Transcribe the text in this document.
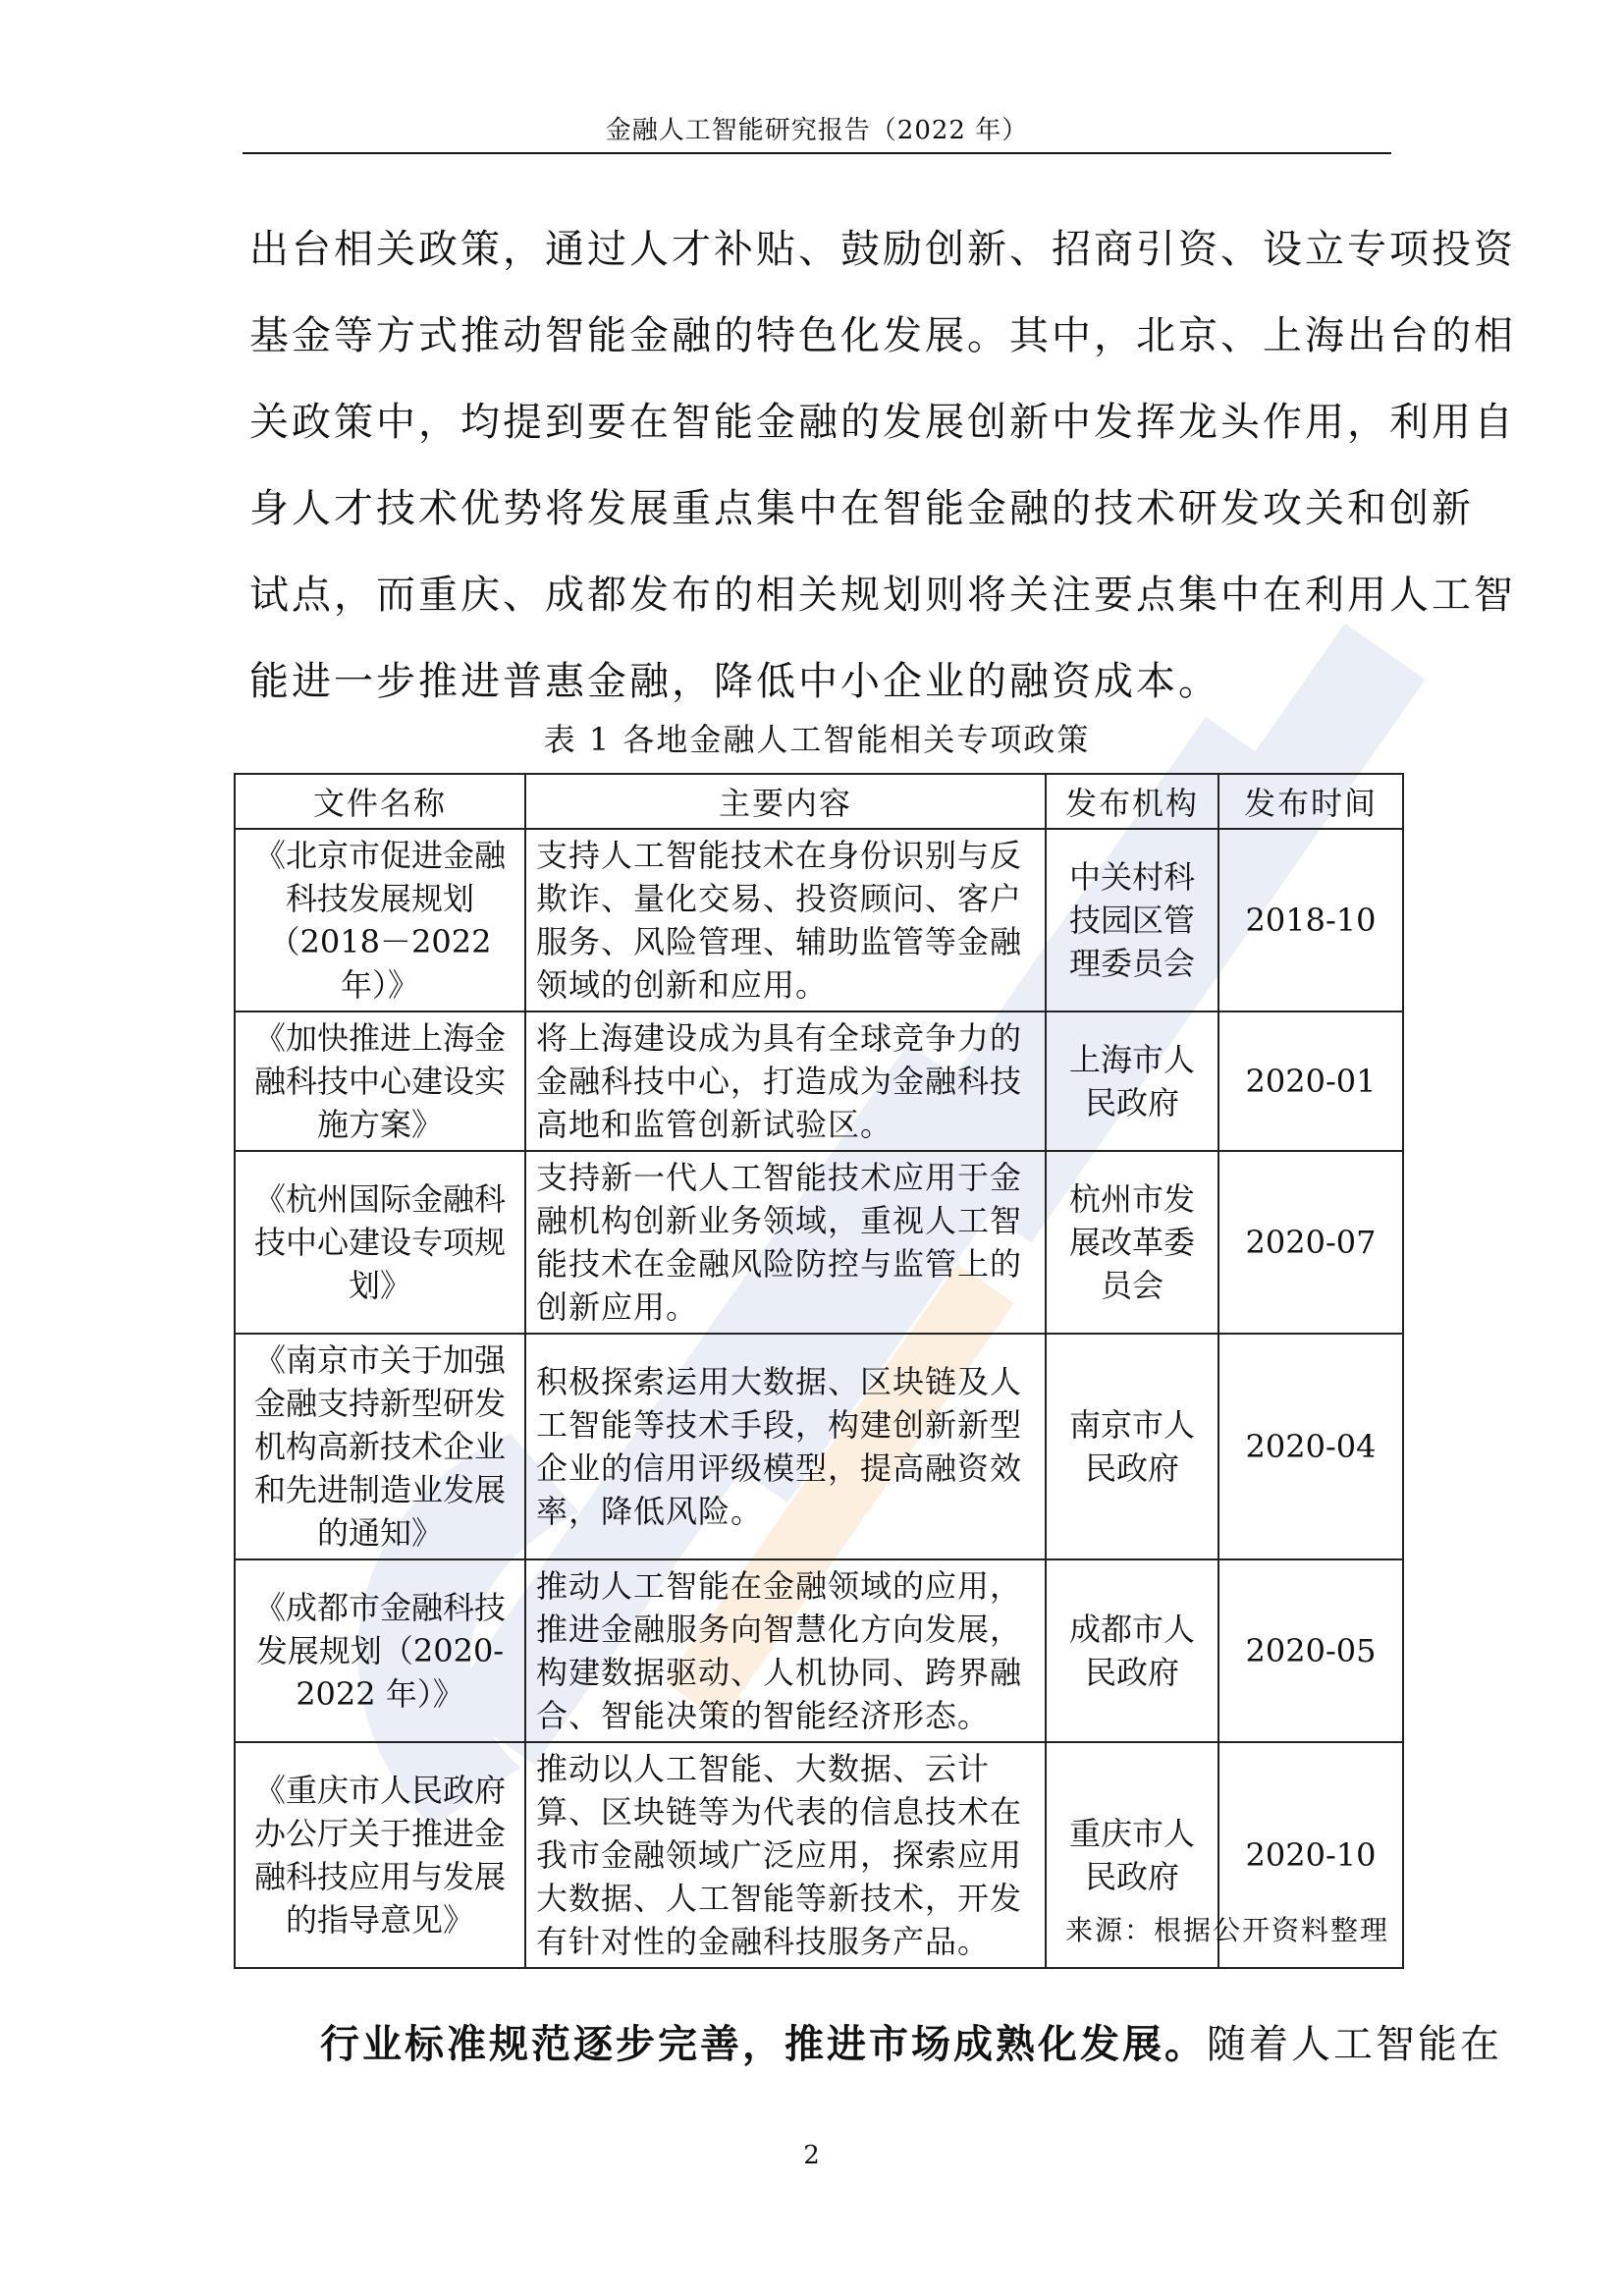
金融人工智能研究报告（2022 年）
出台相关政策，通过人才补贴、鼓励创新、招商引资、设立专项投资
基金等方式推动智能金融的特色化发展。其中，北京、上海出台的相
关政策中，均提到要在智能金融的发展创新中发挥龙头作用，利用自
身人才技术优势将发展重点集中在智能金融的技术研发攻关和创新
试点，而重庆、成都发布的相关规划则将关注要点集中在利用人工智
能进一步推进普惠金融，降低中小企业的融资成本。
表 1 各地金融人工智能相关专项政策
文件名称	主要内容	发布机构	发布时间
《北京市促进金融科技发展规划（2018－2022年）》	支持人工智能技术在身份识别与反欺诈、量化交易、投资顾问、客户服务、风险管理、辅助监管等金融领域的创新和应用。	中关村科技园区管理委员会	2018-10
《加快推进上海金融科技中心建设实施方案》	将上海建设成为具有全球竞争力的金融科技中心，打造成为金融科技高地和监管创新试验区。	上海市人民政府	2020-01
《杭州国际金融科技中心建设专项规划》	支持新一代人工智能技术应用于金融机构创新业务领域，重视人工智能技术在金融风险防控与监管上的创新应用。	杭州市发展改革委员会	2020-07
《南京市关于加强金融支持新型研发机构高新技术企业和先进制造业发展的通知》	积极探索运用大数据、区块链及人工智能等技术手段，构建创新新型企业的信用评级模型，提高融资效率，降低风险。	南京市人民政府	2020-04
《成都市金融科技发展规划（2020-2022 年）》	推动人工智能在金融领域的应用，推进金融服务向智慧化方向发展，构建数据驱动、人机协同、跨界融合、智能决策的智能经济形态。	成都市人民政府	2020-05
《重庆市人民政府办公厅关于推进金融科技应用与发展的指导意见》	推动以人工智能、大数据、云计算、区块链等为代表的信息技术在我市金融领域广泛应用，探索应用大数据、人工智能等新技术，开发有针对性的金融科技服务产品。	重庆市人民政府	2020-10
来源：根据公开资料整理
行业标准规范逐步完善，推进市场成熟化发展。随着人工智能在
2
